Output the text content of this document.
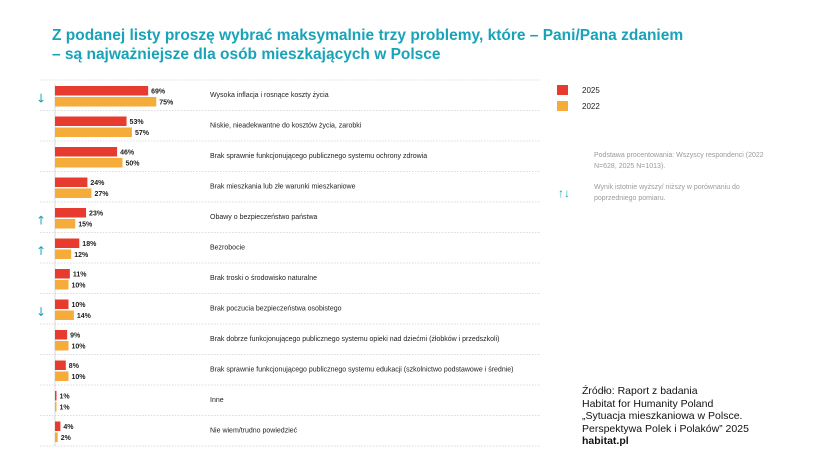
Z podanej listy proszę wybrać maksymalnie trzy problemy, które – Pani/Pana zdaniem
– są najważniejsze dla osób mieszkających w Polsce
69%
75%
Wysoka inflacja i rosnące koszty życia
↓
53%
57%
Niskie, nieadekwantne do kosztów życia, zarobki
46%
50%
Brak sprawnie funkcjonującego publicznego systemu ochrony zdrowia
24%
27%
Brak mieszkania lub złe warunki mieszkaniowe
23%
15%
Obawy o bezpieczeństwo państwa
↑
18%
12%
Bezrobocie
↑
11%
10%
Brak troski o środowisko naturalne
10%
14%
Brak poczucia bezpieczeństwa osobistego
↓
9%
10%
Brak dobrze funkcjonującego publicznego systemu opieki nad dziećmi (żłobków i przedszkoli)
8%
10%
Brak sprawnie funkcjonującego publicznego systemu edukacji (szkolnictwo podstawowe i średnie)
1%
1%
Inne
4%
2%
Nie wiem/trudno powiedzieć
2025
2022
Podstawa procentowania: Wszyscy respondenci (2022 N=628, 2025 N=1013).
↑↓	Wynik istotnie wyższy/ niższy w porównaniu do poprzedniego pomiaru.
Źródło: Raport z badania
Habitat for Humanity Poland
„Sytuacja mieszkaniowa w Polsce.
Perspektywa Polek i Polaków” 2025
habitat.pl
